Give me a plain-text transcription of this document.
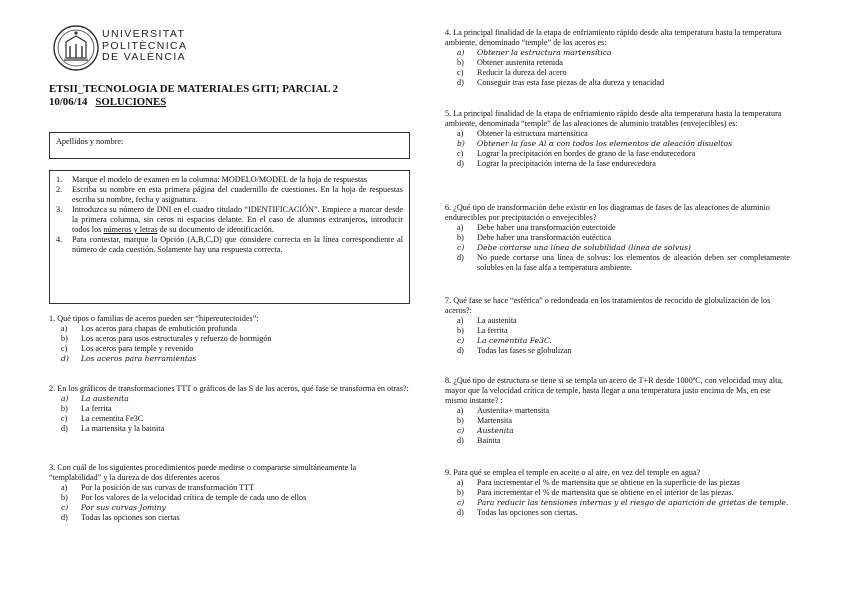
UNIVERSITAT
POLITÈCNICA
DE VALÈNCIA
ETSII_TECNOLOGIA DE MATERIALES GITI; PARCIAL 2
10/06/14 SOLUCIONES
Apellidos y nombre:
1.	Marque el modelo de examen en la columna: MODELO/MODEL de la hoja de respuestas
2.	Escriba su nombre en esta primera página del cuadernillo de cuestiones. En la hoja de respuestas escriba su nombre, fecha y asignatura.
3.	Introduzca su número de DNI en el cuadro titulado “IDENTIFICACIÓN”. Empiece a marcar desde la primera columna, sin ceros ni espacios delante. En el caso de alumnos extranjeros, introducir todos los números y letras de su documento de identificación.
4.	Para contestar, marque la Opción (A,B,C,D) que considere correcta en la línea correspondiente al número de cada cuestión. Solamente hay una respuesta correcta.

1. Qué tipos o familias de aceros pueden ser “hipereutectoides”:

a)	Los aceros para chapas de embutición profunda
b)	Los aceros para usos estructurales y refuerzo de hormigón
c)	Los aceros para temple y revenido
d)	Los aceros para herramientas

2. En los gráficos de transformaciones TTT o gráficos de las S de los aceros, qué fase se transforma en otras?:

a)	La austenita
b)	La ferrita
c)	La cementita Fe3C
d)	La martensita y la bainita

3. Con cuál de los siguientes procedimientos puede medirse o compararse simultáneamente la “templabilidad” y la dureza de dos diferentes aceros

a)	Por la posición de sus curvas de transformación TTT
b)	Por los valores de la velocidad crítica de temple de cada uno de ellos
c)	Por sus curvas Jominy
d)	Todas las opciones son ciertas

4. La principal finalidad de la etapa de enfriamiento rápido desde alta temperatura hasta la temperatura ambiente, denominado “temple” de los aceros es:

a)	Obtener la estructura martensítica
b)	Obtener austenita retenida
c)	Reducir la dureza del acero
d)	Conseguir tras esta fase piezas de alta dureza y tenacidad

5. La principal finalidad de la etapa de enfriamiento rápido desde alta temperatura hasta la temperatura ambiente, denominada “temple” de las aleaciones de aluminio tratables (envejecibles) es:

a)	Obtener la estructura martensítica
b)	Obtener la fase Al α con todos los elementos de aleación disueltos
c)	Lograr la precipitación en bordes de grano de la fase endurecedora
d)	Lograr la precipitación interna de la fase endurecedora

6. ¿Qué tipo de transformación debe existir en los diagramas de fases de las aleaciones de aluminio endurecibles por precipitación o envejecibles?

a)	Debe haber una transformación eutectoide
b)	Debe haber una transformación eutéctica
c)	Debe cortarse una línea de solubilidad (línea de solvus)
d)	No puede cortarse una línea de solvus: los elementos de aleación deben ser completamente solubles en la fase alfa a temperatura ambiente.

7. Qué fase se hace “esférica” o redondeada en los tratamientos de recocido de globulización de los aceros?:

a)	La austenita
b)	La ferrita
c)	La cementita Fe3C.
d)	Todas las fases se globulizan

8. ¿Qué tipo de estructura se tiene si se templa un acero de T+R desde 1000ºC, con velocidad muy alta, mayor que la velocidad crítica de temple, hasta llegar a una temperatura justo encima de Ms, en ese mismo instante? :

a)	Austenita+ martensita
b)	Martensita
c)	Austenita
d)	Bainita

9. Para qué se emplea el temple en aceite o al aire, en vez del temple en agua?

a)	Para incrementar el % de martensita que se obtiene en la superficie de las piezas
b)	Para incrementar el % de martensita que se obtiene en el interior de las piezas.
c)	Para reducir las tensiones internas y el riesgo de aparición de grietas de temple.
d)	Todas las opciones son ciertas.
